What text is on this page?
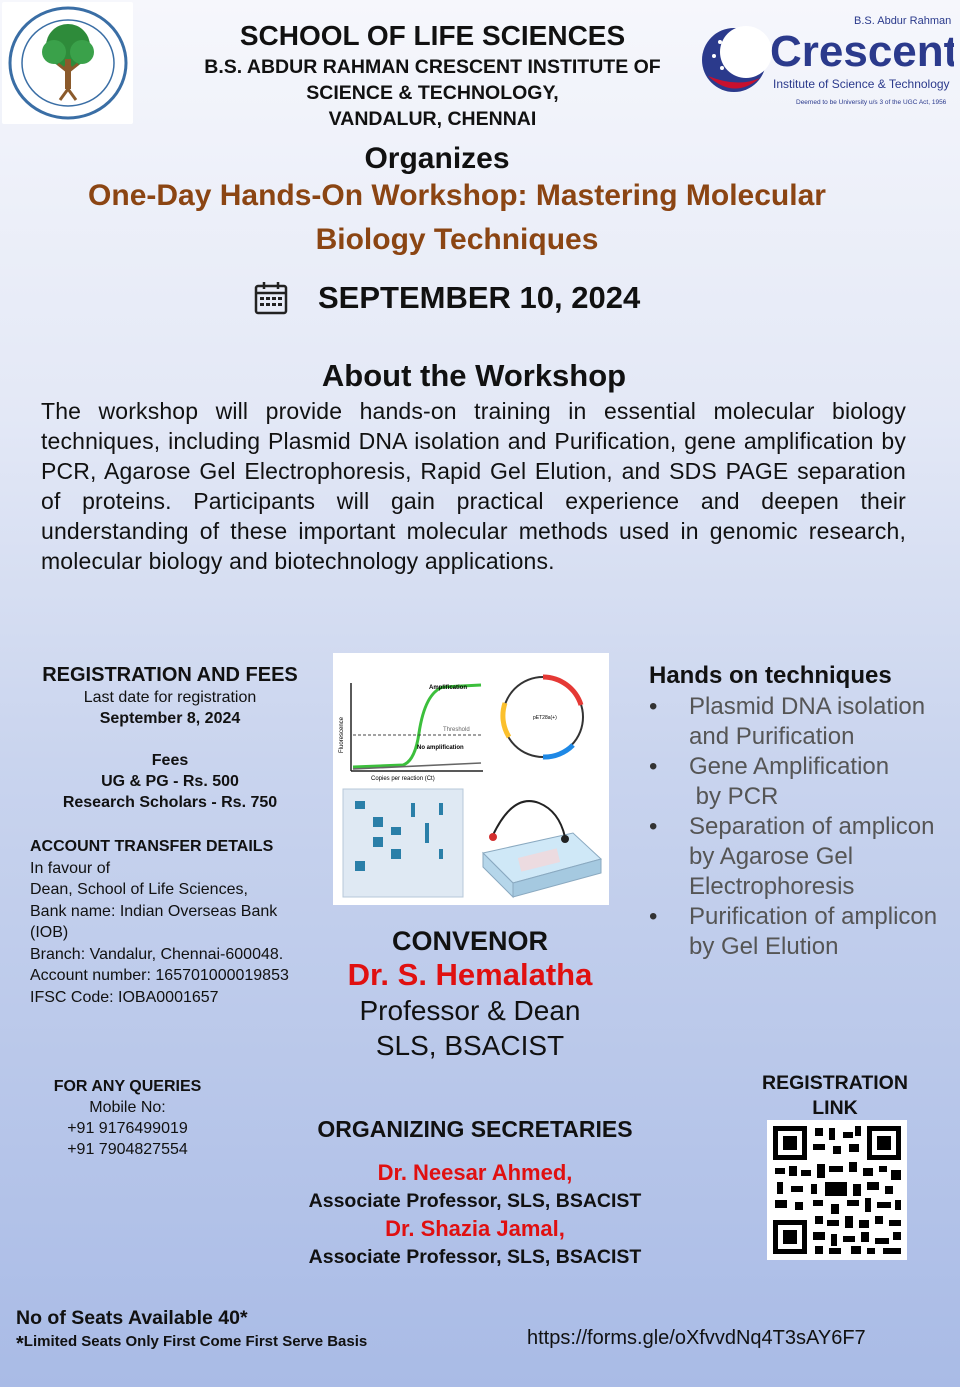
B.S. Abdur Rahman
Crescent
Institute of Science & Technology
Deemed to be University u/s 3 of the UGC Act, 1956
SCHOOL OF LIFE SCIENCES
B.S. ABDUR RAHMAN CRESCENT INSTITUTE OF
SCIENCE & TECHNOLOGY,
VANDALUR, CHENNAI
Organizes
One-Day Hands-On Workshop: Mastering Molecular
Biology Techniques
SEPTEMBER 10, 2024
About the Workshop
The workshop will provide hands-on training in essential molecular biology techniques, including Plasmid DNA isolation and Purification, gene amplification by PCR, Agarose Gel Electrophoresis, Rapid Gel Elution, and SDS PAGE separation of proteins. Participants will gain practical experience and deepen their understanding of these important molecular methods used in genomic research, molecular biology and biotechnology applications.
REGISTRATION AND FEES
Last date for registration
September 8, 2024
Fees
UG & PG - Rs. 500
Research Scholars - Rs. 750
ACCOUNT TRANSFER DETAILS
In favour of
Dean, School of Life Sciences,
Bank name: Indian Overseas Bank
(IOB)
Branch: Vandalur, Chennai-600048.
Account number: 165701000019853
IFSC Code: IOBA0001657
Fluorescence
Amplification
Threshold
No amplification
Copies per reaction (Ct)
pET28a(+)
Hands on techniques
• Plasmid DNA isolation
and Purification
• Gene Amplification
by PCR
• Separation of amplicon
by Agarose Gel
Electrophoresis
• Purification of amplicon
by Gel Elution
CONVENOR
Dr. S. Hemalatha
Professor & Dean
SLS, BSACIST
FOR ANY QUERIES
Mobile No:
+91 9176499019
+91 7904827554
ORGANIZING SECRETARIES
Dr. Neesar Ahmed,
Associate Professor, SLS, BSACIST
Dr. Shazia Jamal,
Associate Professor, SLS, BSACIST
REGISTRATION
LINK
No of Seats Available 40*
*Limited Seats Only First Come First Serve Basis	https://forms.gle/oXfvvdNq4T3sAY6F7
